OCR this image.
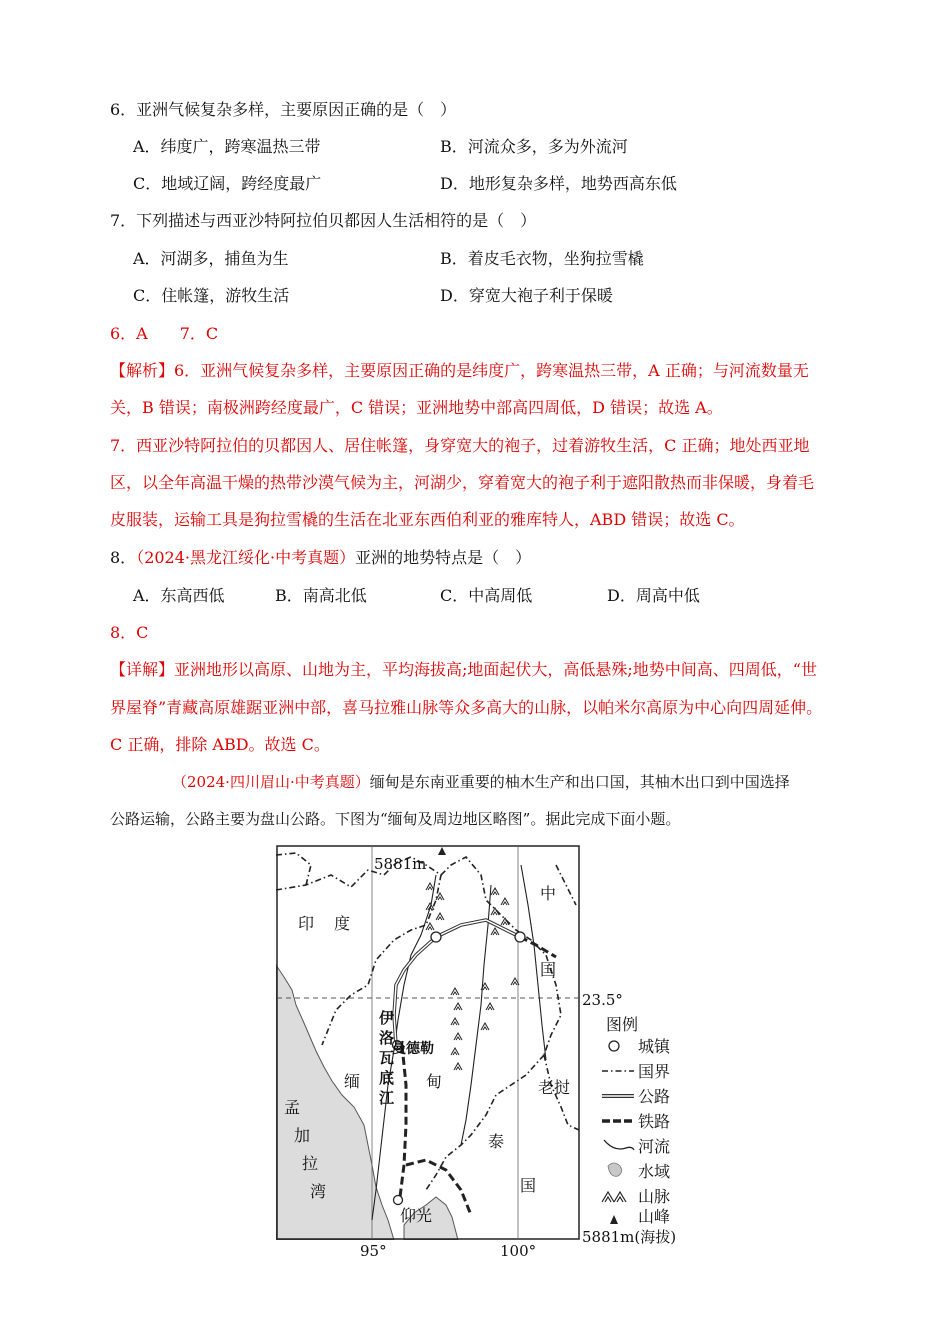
6．亚洲气候复杂多样，主要原因正确的是（　）
A．纬度广，跨寒温热三带	B．河流众多，多为外流河
C．地域辽阔，跨经度最广	D．地形复杂多样，地势西高东低
7．下列描述与西亚沙特阿拉伯贝都因人生活相符的是（　）
A．河湖多，捕鱼为生	B．着皮毛衣物，坐狗拉雪橇
C．住帐篷，游牧生活	D．穿宽大袍子利于保暖
6．A　　7．C
【解析】6．亚洲气候复杂多样，主要原因正确的是纬度广，跨寒温热三带，A 正确；与河流数量无
关，B 错误；南极洲跨经度最广，C 错误；亚洲地势中部高四周低，D 错误；故选 A。
7．西亚沙特阿拉伯的贝都因人、居住帐篷，身穿宽大的袍子，过着游牧生活，C 正确；地处西亚地
区，以全年高温干燥的热带沙漠气候为主，河湖少，穿着宽大的袍子利于遮阳散热而非保暖，身着毛
皮服装，运输工具是狗拉雪橇的生活在北亚东西伯利亚的雅库特人，ABD 错误；故选 C。
8．（2024·黑龙江绥化·中考真题）亚洲的地势特点是（　）
A．东高西低	B．南高北低	C．中高周低	D．周高中低
8．C
【详解】亚洲地形以高原、山地为主，平均海拔高;地面起伏大，高低悬殊;地势中间高、四周低，“世
界屋脊”青藏高原雄踞亚洲中部，喜马拉雅山脉等众多高大的山脉，以帕米尔高原为中心向四周延伸。
C 正确，排除 ABD。故选 C。
（2024·四川眉山·中考真题）缅甸是东南亚重要的柚木生产和出口国，其柚木出口到中国选择
公路运输，公路主要为盘山公路。下图为“缅甸及周边地区略图”。据此完成下面小题。
5881m
23.5°
印 度
中
国
缅	甸
伊
洛
瓦
底
江
曼德勒
仰光
老挝
泰
国
孟
加
拉
湾
95°	100°
图例
城镇
国界
公路
铁路
河流
水域
山脉
山峰
5881m(海拔)
